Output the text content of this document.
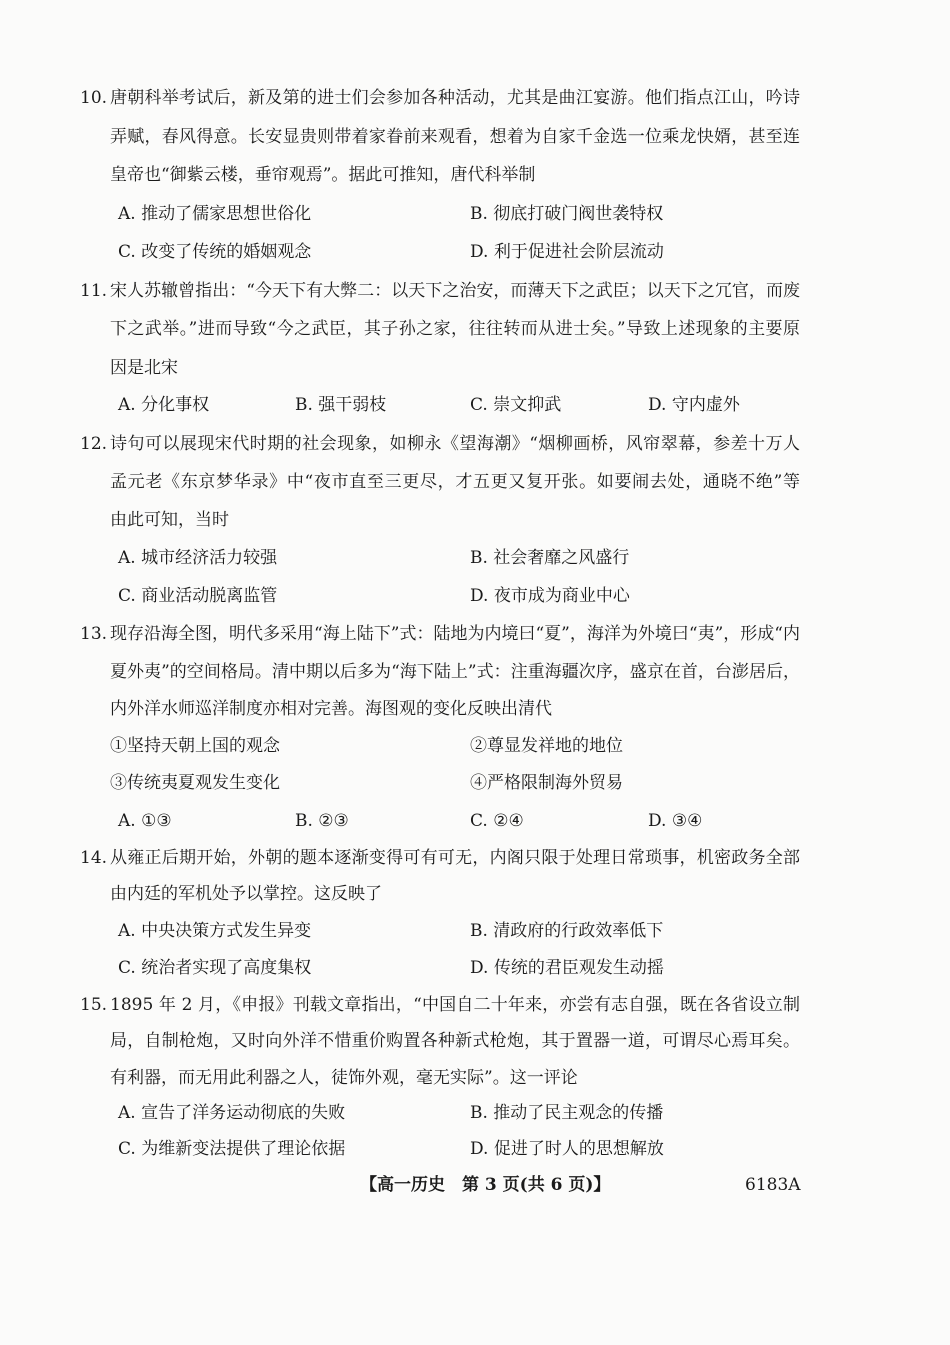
10. 唐朝科举考试后，新及第的进士们会参加各种活动，尤其是曲江宴游。他们指点江山，吟诗
弄赋，春风得意。长安显贵则带着家眷前来观看，想着为自家千金选一位乘龙快婿，甚至连
皇帝也“御紫云楼，垂帘观焉”。据此可推知，唐代科举制
A. 推动了儒家思想世俗化	B. 彻底打破门阀世袭特权
C. 改变了传统的婚姻观念	D. 利于促进社会阶层流动
11. 宋人苏辙曾指出：“今天下有大弊二：以天下之治安，而薄天下之武臣；以天下之冗官，而废
下之武举。”进而导致“今之武臣，其子孙之家，往往转而从进士矣。”导致上述现象的主要原
因是北宋
A. 分化事权	B. 强干弱枝	C. 崇文抑武	D. 守内虚外
12. 诗句可以展现宋代时期的社会现象，如柳永《望海潮》“烟柳画桥，风帘翠幕，参差十万人
孟元老《东京梦华录》中“夜市直至三更尽，才五更又复开张。如要闹去处，通晓不绝”等
由此可知，当时
A. 城市经济活力较强	B. 社会奢靡之风盛行
C. 商业活动脱离监管	D. 夜市成为商业中心
13. 现存沿海全图，明代多采用“海上陆下”式：陆地为内境曰“夏”，海洋为外境曰“夷”，形成“内
夏外夷”的空间格局。清中期以后多为“海下陆上”式：注重海疆次序，盛京在首，台澎居后，
内外洋水师巡洋制度亦相对完善。海图观的变化反映出清代
①坚持天朝上国的观念	②尊显发祥地的地位
③传统夷夏观发生变化	④严格限制海外贸易
A. ①③	B. ②③	C. ②④	D. ③④
14. 从雍正后期开始，外朝的题本逐渐变得可有可无，内阁只限于处理日常琐事，机密政务全部
由内廷的军机处予以掌控。这反映了
A. 中央决策方式发生异变	B. 清政府的行政效率低下
C. 统治者实现了高度集权	D. 传统的君臣观发生动摇
15. 1895 年 2 月，《申报》刊载文章指出，“中国自二十年来，亦尝有志自强，既在各省设立制
局，自制枪炮，又时向外洋不惜重价购置各种新式枪炮，其于置器一道，可谓尽心焉耳矣。
有利器，而无用此利器之人，徒饰外观，毫无实际”。这一评论
A. 宣告了洋务运动彻底的失败	B. 推动了民主观念的传播
C. 为维新变法提供了理论依据	D. 促进了时人的思想解放
【高一历史　第 3 页(共 6 页)】	6183A
